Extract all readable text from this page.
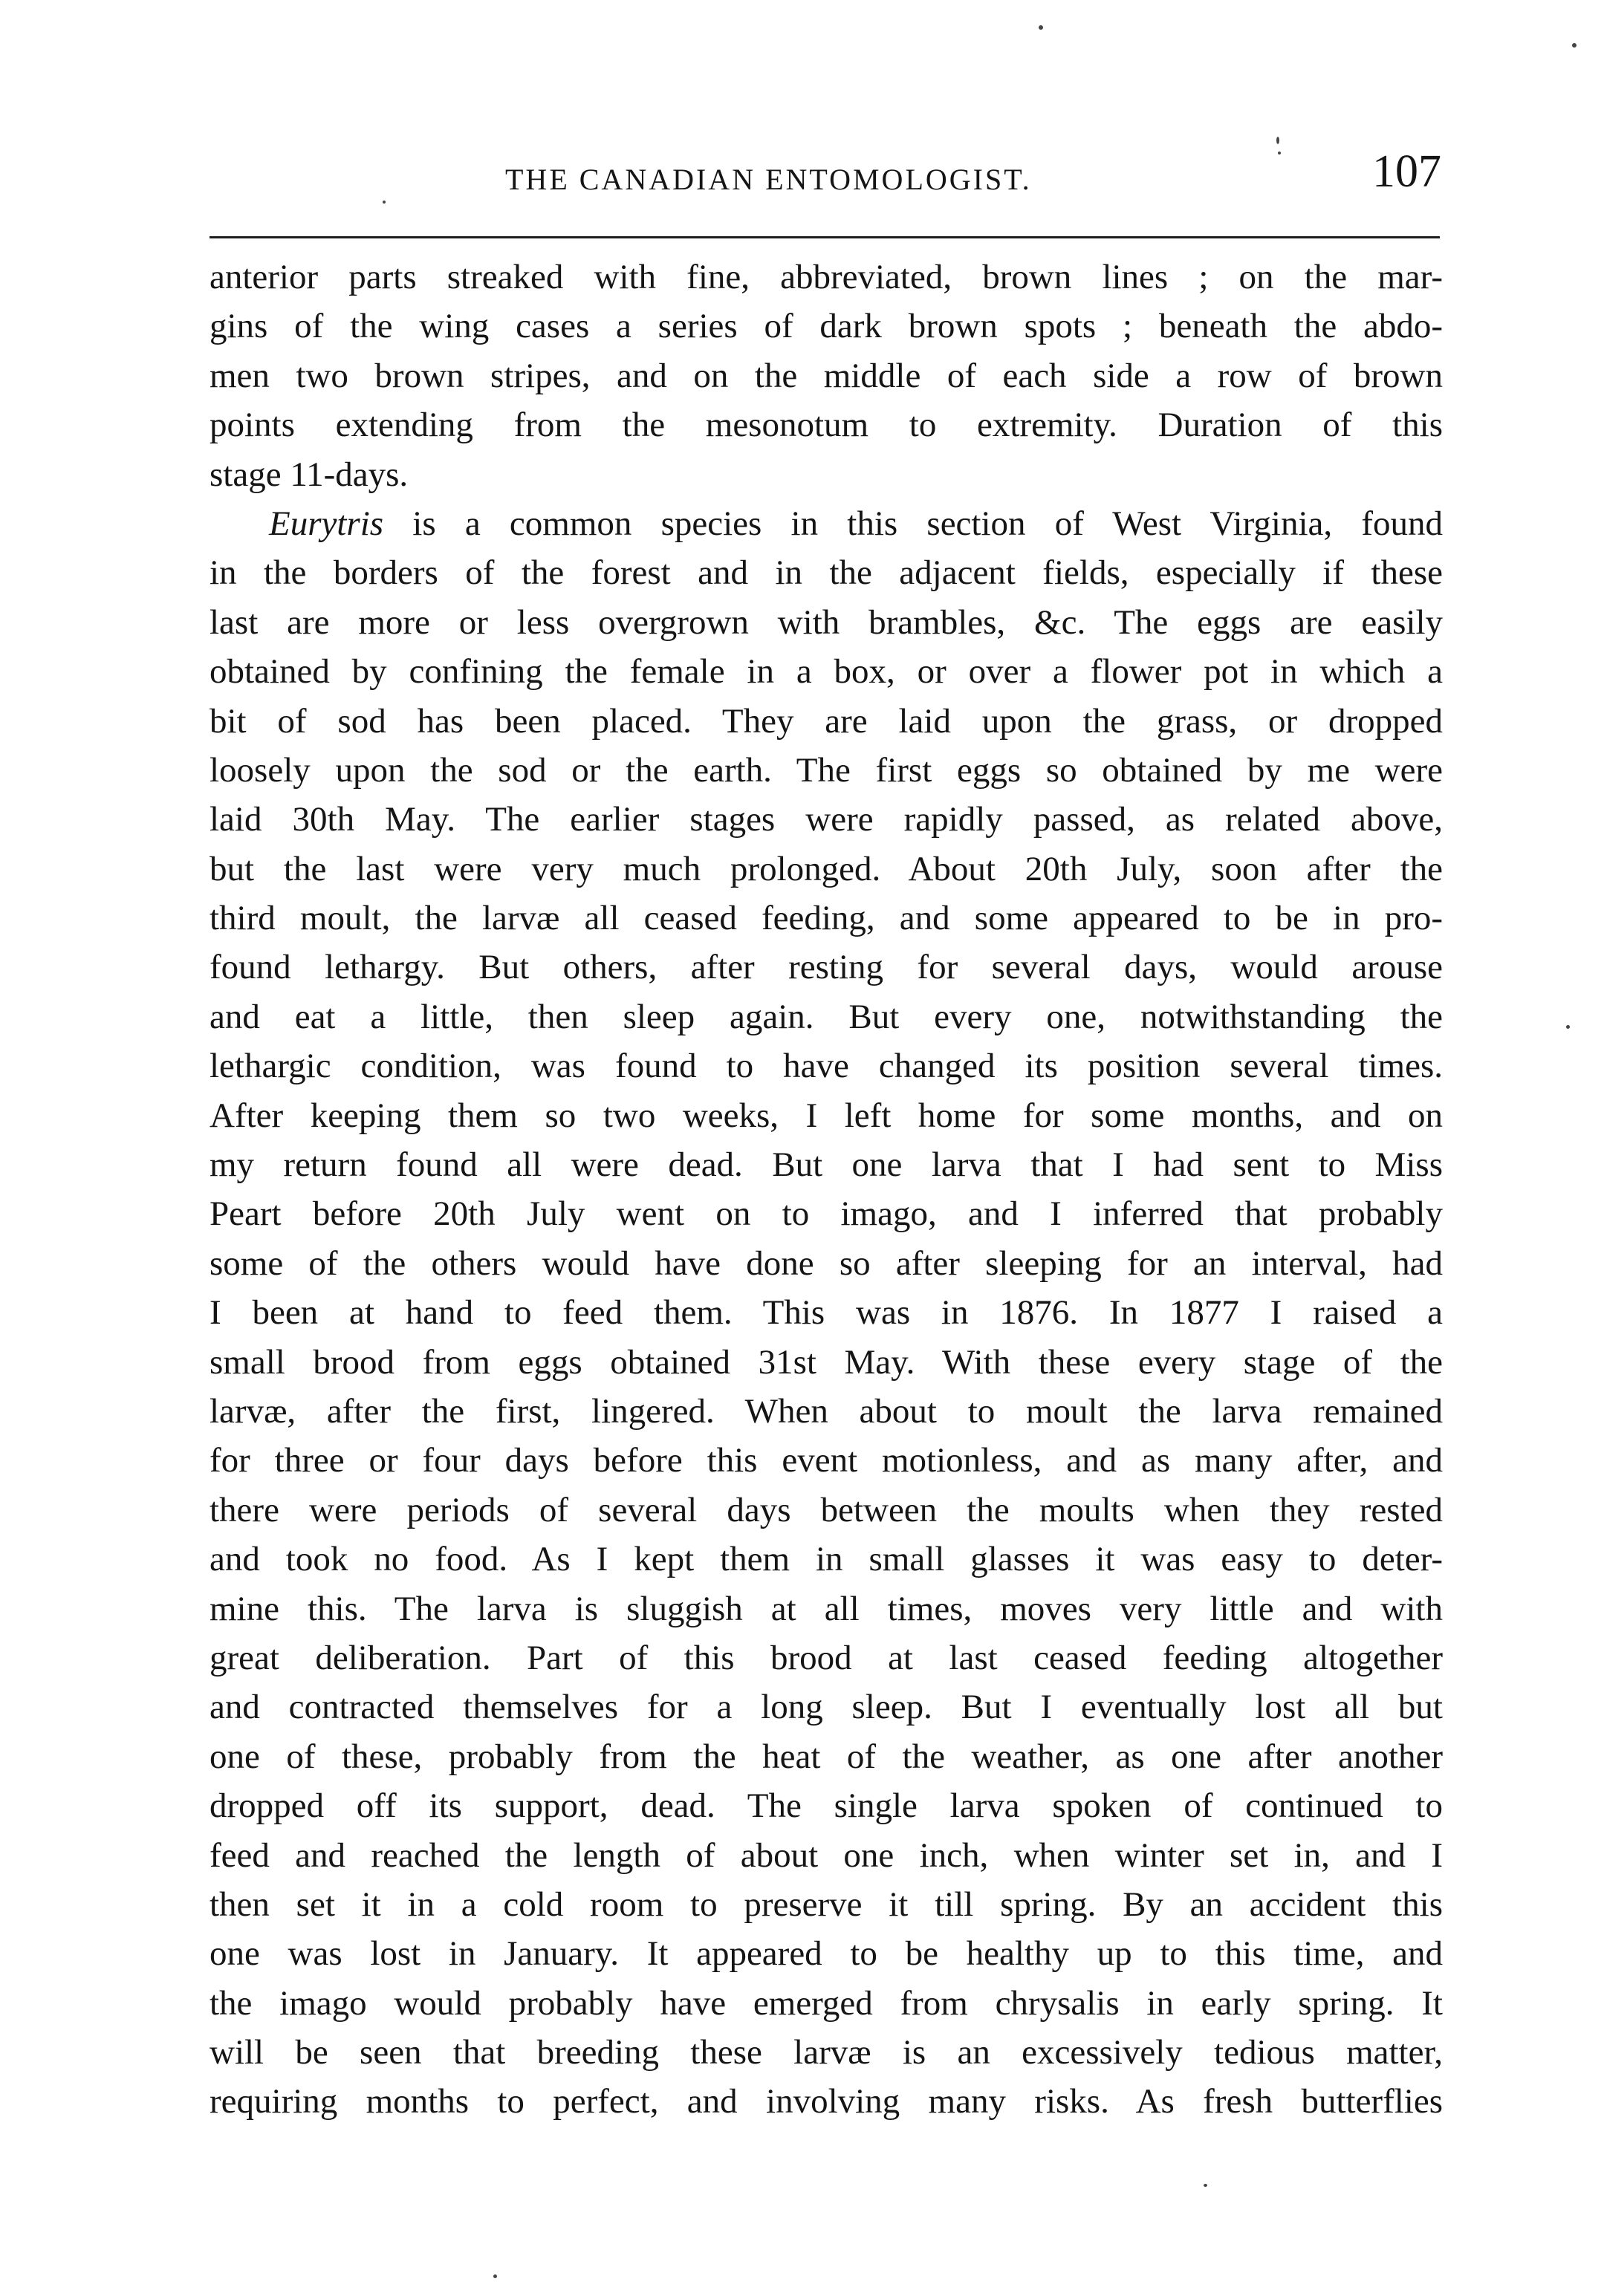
THE CANADIAN ENTOMOLOGIST.	107
anterior parts streaked with fine, abbreviated, brown lines ; on the mar-
gins of the wing cases a series of dark brown spots ; beneath the abdo-
men two brown stripes, and on the middle of each side a row of brown
points extending from the mesonotum to extremity. Duration of this
stage 11-days.
Eurytris is a common species in this section of West Virginia, found
in the borders of the forest and in the adjacent fields, especially if these
last are more or less overgrown with brambles, &c. The eggs are easily
obtained by confining the female in a box, or over a flower pot in which a
bit of sod has been placed. They are laid upon the grass, or dropped
loosely upon the sod or the earth. The first eggs so obtained by me were
laid 30th May. The earlier stages were rapidly passed, as related above,
but the last were very much prolonged. About 20th July, soon after the
third moult, the larvæ all ceased feeding, and some appeared to be in pro-
found lethargy. But others, after resting for several days, would arouse
and eat a little, then sleep again. But every one, notwithstanding the
lethargic condition, was found to have changed its position several times.
After keeping them so two weeks, I left home for some months, and on
my return found all were dead. But one larva that I had sent to Miss
Peart before 20th July went on to imago, and I inferred that probably
some of the others would have done so after sleeping for an interval, had
I been at hand to feed them. This was in 1876. In 1877 I raised a
small brood from eggs obtained 31st May. With these every stage of the
larvæ, after the first, lingered. When about to moult the larva remained
for three or four days before this event motionless, and as many after, and
there were periods of several days between the moults when they rested
and took no food. As I kept them in small glasses it was easy to deter-
mine this. The larva is sluggish at all times, moves very little and with
great deliberation. Part of this brood at last ceased feeding altogether
and contracted themselves for a long sleep. But I eventually lost all but
one of these, probably from the heat of the weather, as one after another
dropped off its support, dead. The single larva spoken of continued to
feed and reached the length of about one inch, when winter set in, and I
then set it in a cold room to preserve it till spring. By an accident this
one was lost in January. It appeared to be healthy up to this time, and
the imago would probably have emerged from chrysalis in early spring. It
will be seen that breeding these larvæ is an excessively tedious matter,
requiring months to perfect, and involving many risks. As fresh butterflies
